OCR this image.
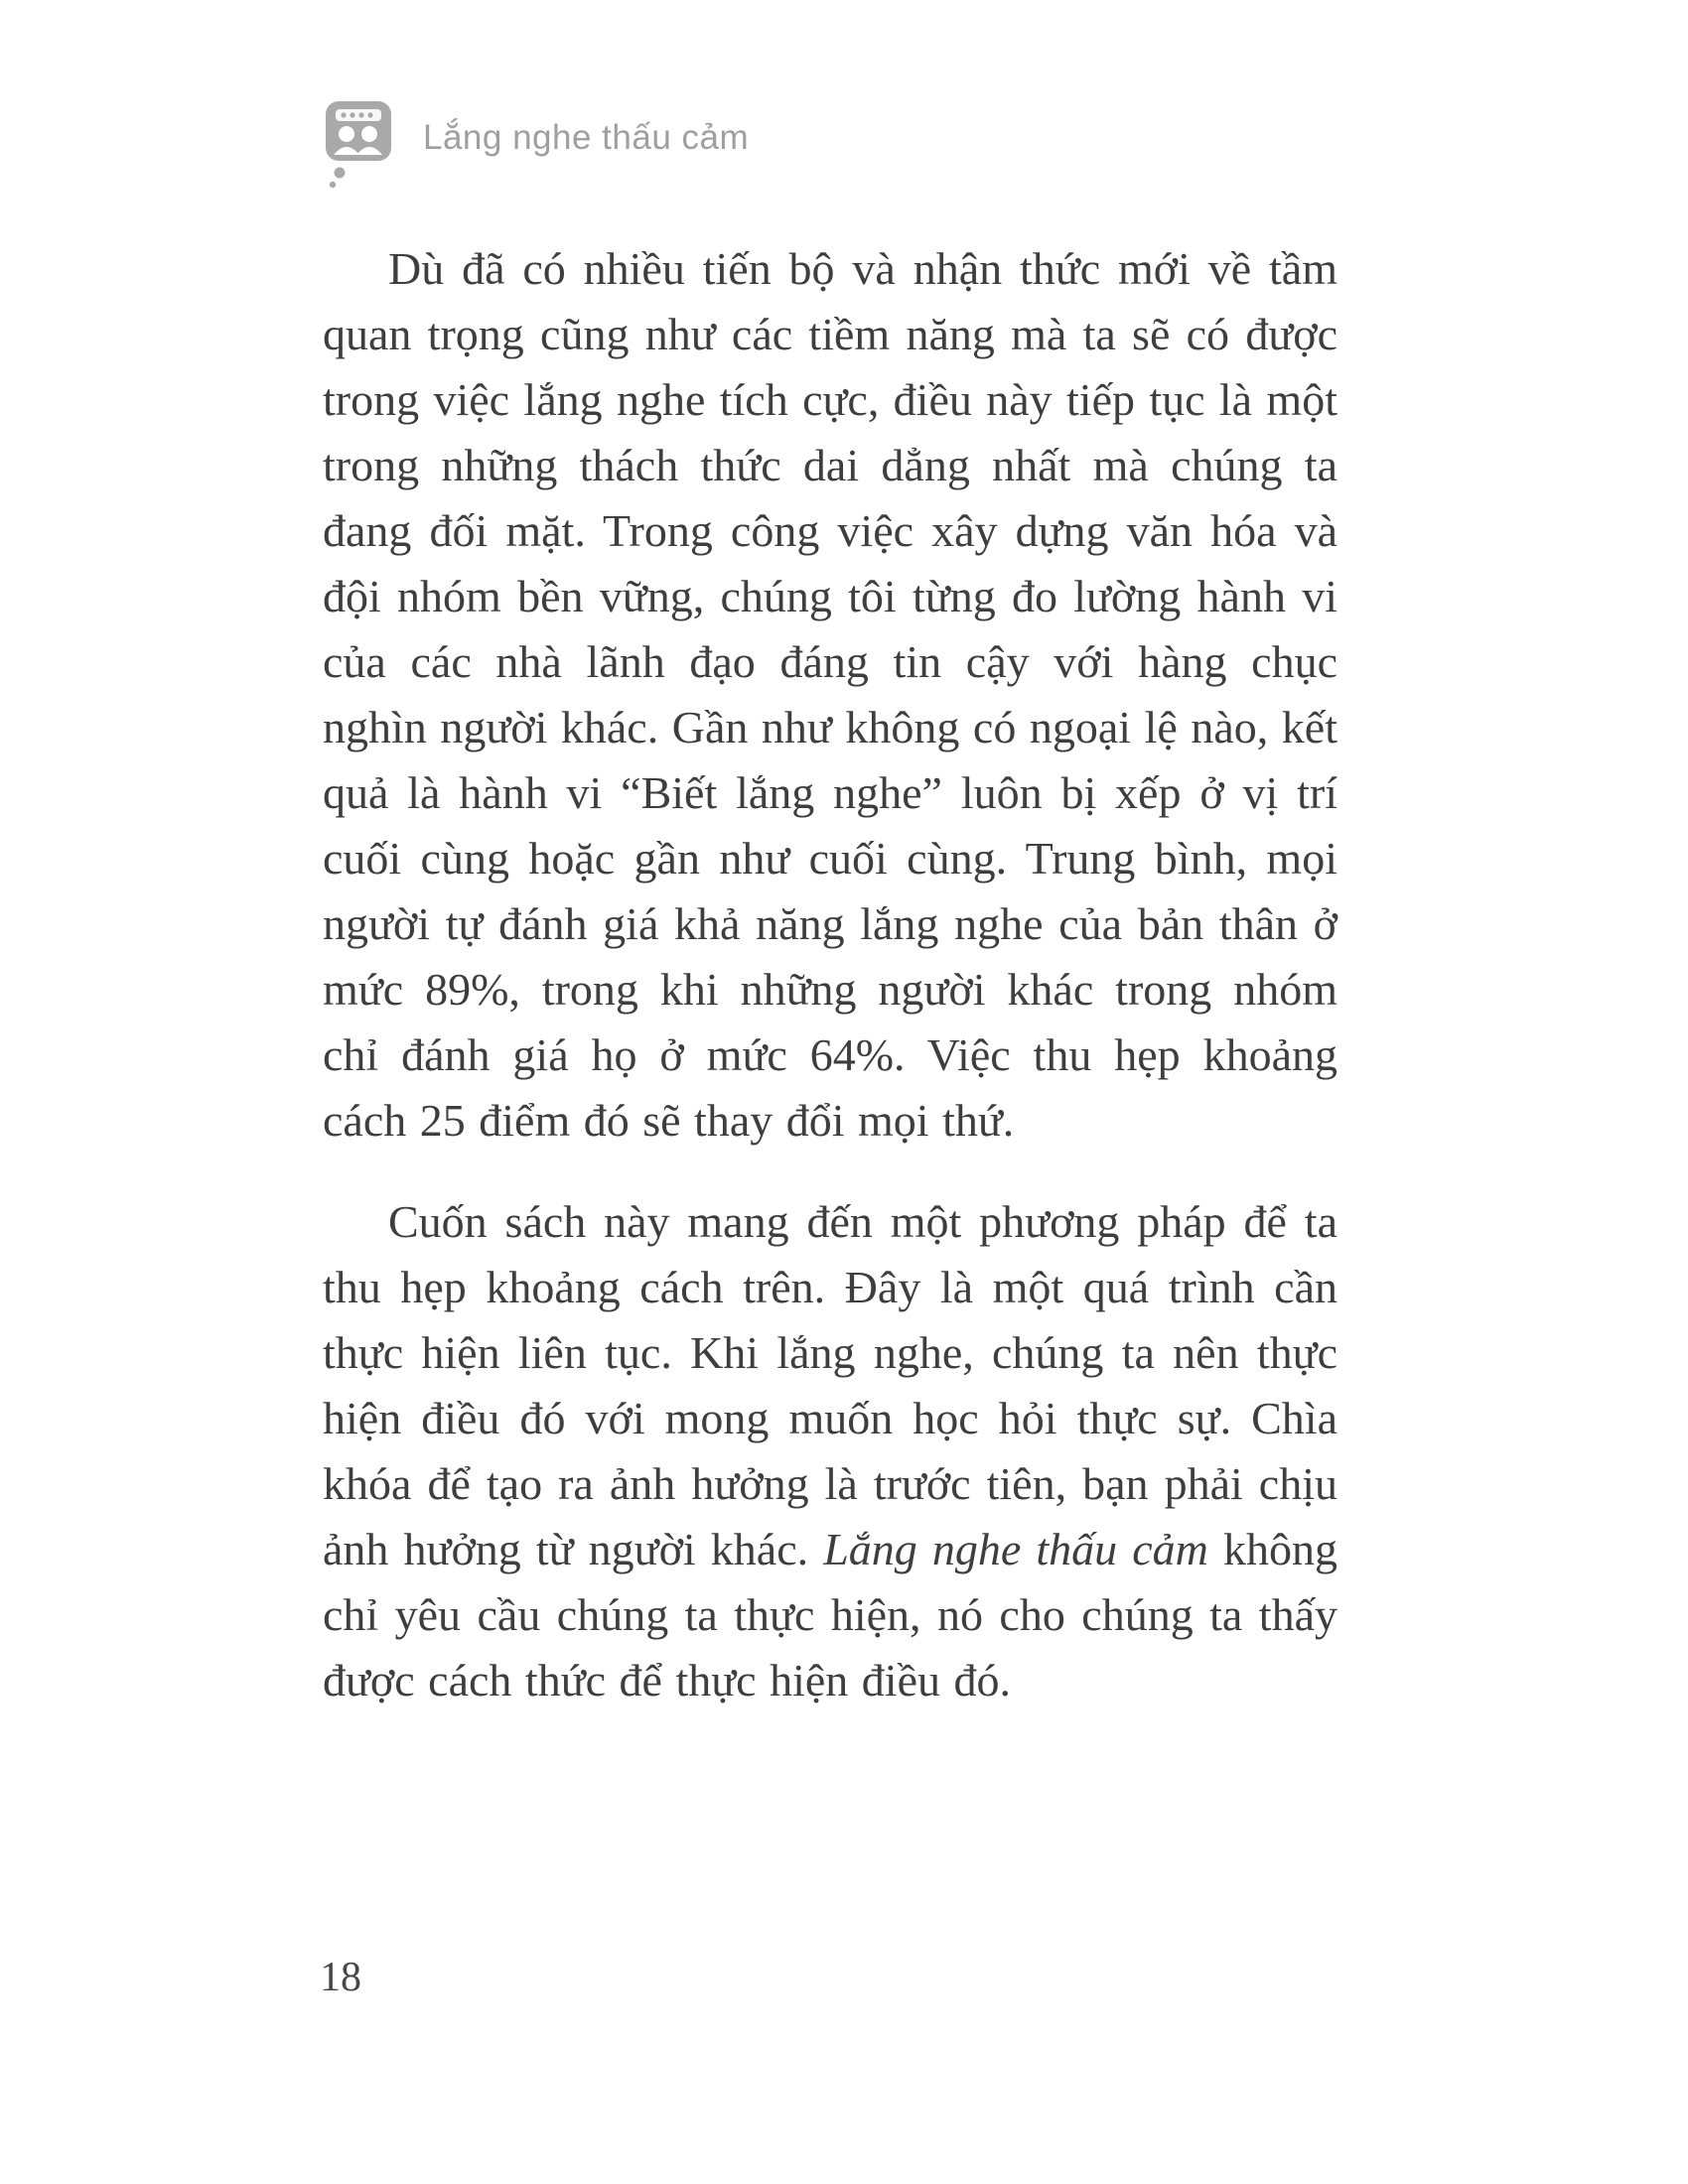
Lắng nghe thấu cảm

Dù đã có nhiều tiến bộ và nhận thức mới về tầm quan trọng cũng như các tiềm năng mà ta sẽ có được trong việc lắng nghe tích cực, điều này tiếp tục là một trong những thách thức dai dẳng nhất mà chúng ta đang đối mặt. Trong công việc xây dựng văn hóa và đội nhóm bền vững, chúng tôi từng đo lường hành vi của các nhà lãnh đạo đáng tin cậy với hàng chục nghìn người khác. Gần như không có ngoại lệ nào, kết quả là hành vi “Biết lắng nghe” luôn bị xếp ở vị trí cuối cùng hoặc gần như cuối cùng. Trung bình, mọi người tự đánh giá khả năng lắng nghe của bản thân ở mức 89%, trong khi những người khác trong nhóm chỉ đánh giá họ ở mức 64%. Việc thu hẹp khoảng cách 25 điểm đó sẽ thay đổi mọi thứ.

Cuốn sách này mang đến một phương pháp để ta thu hẹp khoảng cách trên. Đây là một quá trình cần thực hiện liên tục. Khi lắng nghe, chúng ta nên thực hiện điều đó với mong muốn học hỏi thực sự. Chìa khóa để tạo ra ảnh hưởng là trước tiên, bạn phải chịu ảnh hưởng từ người khác. Lắng nghe thấu cảm không chỉ yêu cầu chúng ta thực hiện, nó cho chúng ta thấy được cách thức để thực hiện điều đó.

18
